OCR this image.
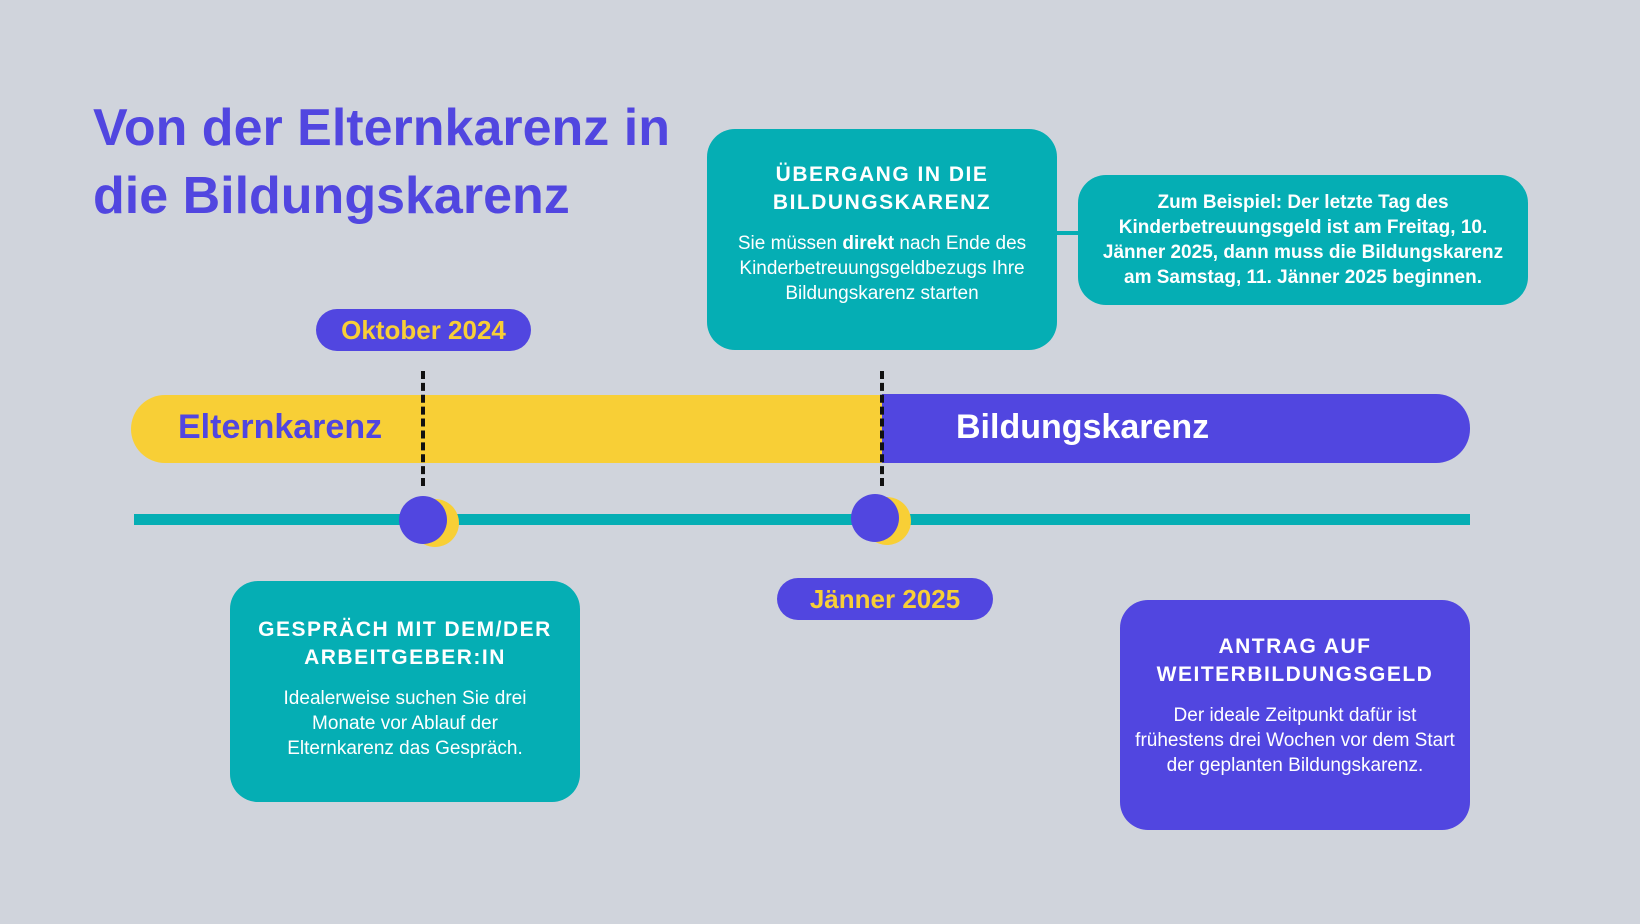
Von der Elternkarenz in die Bildungskarenz	ÜBERGANG IN DIE BILDUNGSKARENZ
Sie müssen direkt nach Ende des Kinderbetreuungsgeldbezugs Ihre Bildungskarenz starten
Zum Beispiel: Der letzte Tag des Kinderbetreuungsgeld ist am Freitag, 10. Jänner 2025, dann muss die Bildungskarenz am Samstag, 11. Jänner 2025 beginnen.
Oktober 2024
Elternkarenz	Bildungskarenz
Jänner 2025
GESPRÄCH MIT DEM/DER ARBEITGEBER:IN
Idealerweise suchen Sie drei Monate vor Ablauf der Elternkarenz das Gespräch.
ANTRAG AUF WEITERBILDUNGSGELD
Der ideale Zeitpunkt dafür ist frühestens drei Wochen vor dem Start der geplanten Bildungskarenz.
